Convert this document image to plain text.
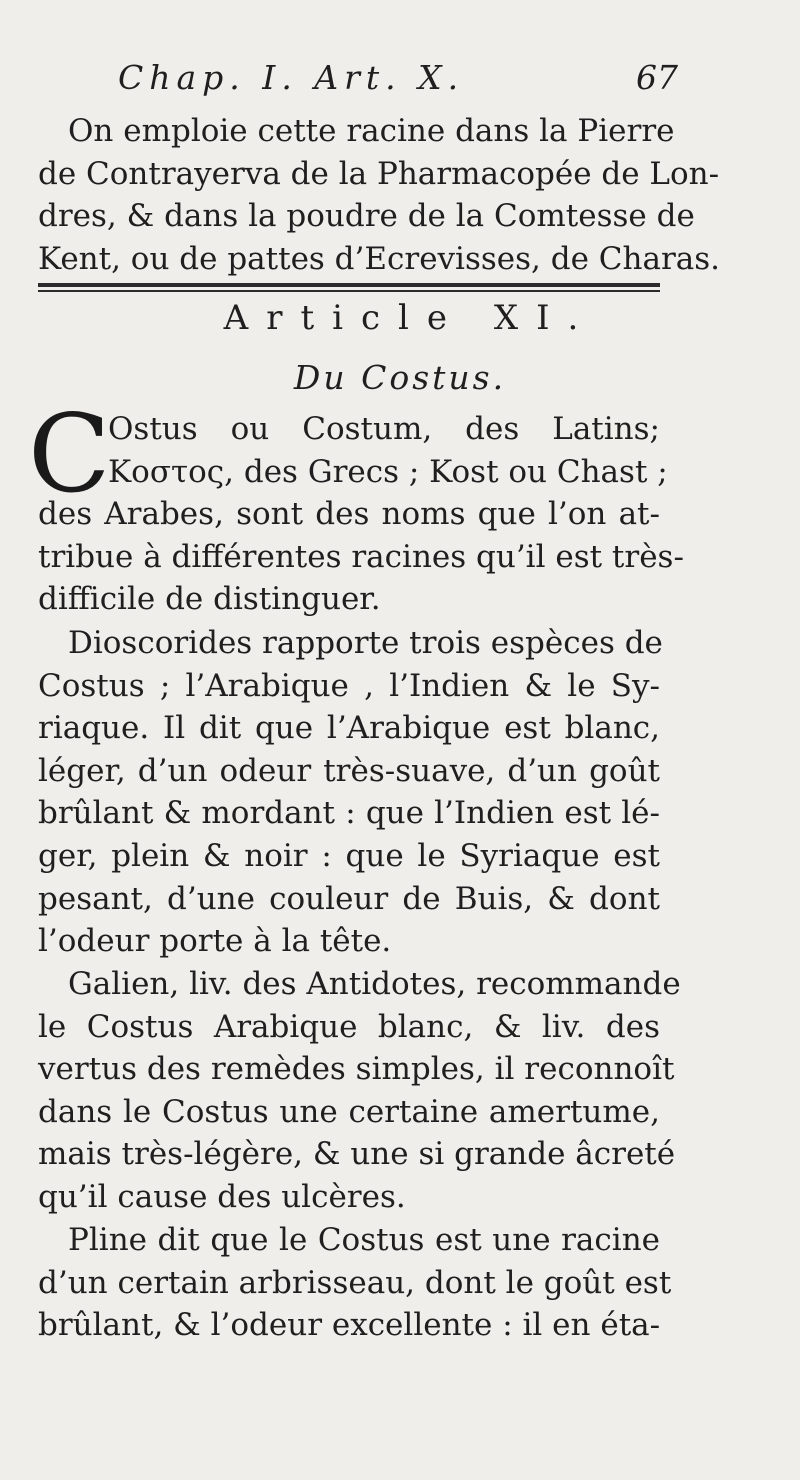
Chap. I. Art. X.	67
On emploie cette racine dans la Pierre
de Contrayerva de la Pharmacopée de Lon-
dres, & dans la poudre de la Comtesse de
Kent, ou de pattes d’Ecrevisses, de Charas.
Article XI.
Du Costus.
C
Ostus ou Costum, des Latins;
Κοστος, des Grecs ; Kost ou Chast ;
des Arabes, sont des noms que l’on at-
tribue à différentes racines qu’il est très-
difficile de distinguer.
Dioscorides rapporte trois espèces de
Costus ; l’Arabique , l’Indien & le Sy-
riaque. Il dit que l’Arabique est blanc,
léger, d’un odeur très-suave, d’un goût
brûlant & mordant : que l’Indien est lé-
ger, plein & noir : que le Syriaque est
pesant, d’une couleur de Buis, & dont
l’odeur porte à la tête.
Galien, liv. des Antidotes, recommande
le Costus Arabique blanc, & liv. des
vertus des remèdes simples, il reconnoît
dans le Costus une certaine amertume,
mais très-légère, & une si grande âcreté
qu’il cause des ulcères.
Pline dit que le Costus est une racine
d’un certain arbrisseau, dont le goût est
brûlant, & l’odeur excellente : il en éta-
